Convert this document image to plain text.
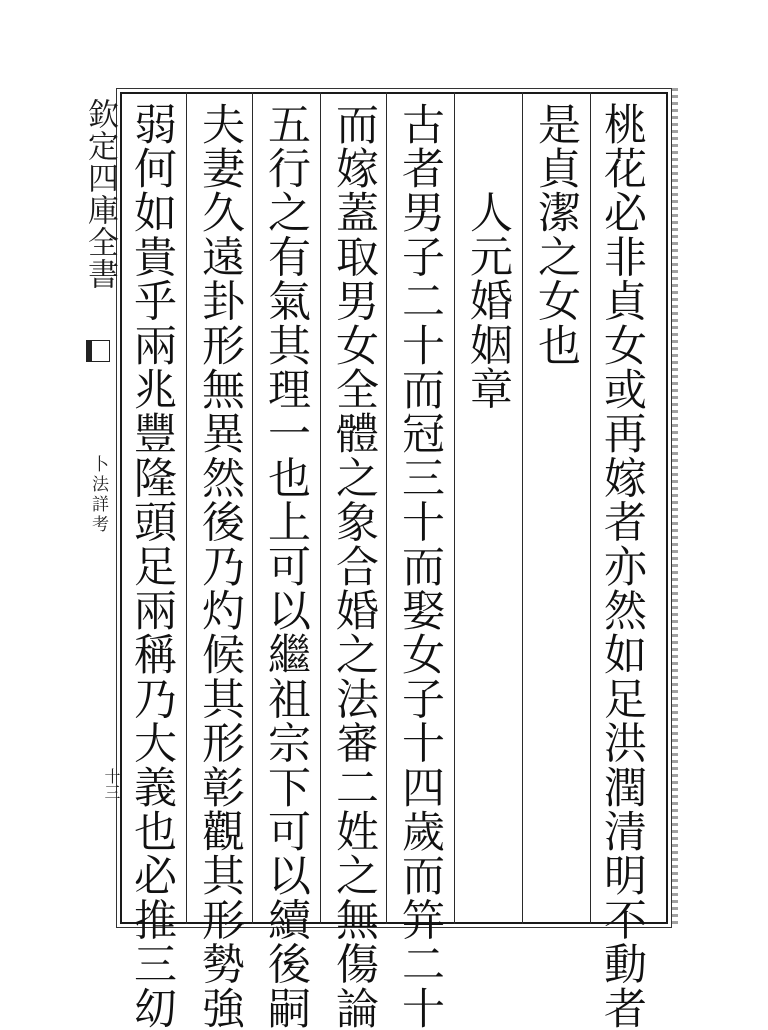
桃花必非貞女或再嫁者亦然如足洪潤清明不動者
是貞潔之女也
人元婚姻章
古者男子二十而冠三十而娶女子十四歲而笄二十
而嫁蓋取男女全體之象合婚之法審二姓之無傷論
五行之有氣其理一也上可以繼祖宗下可以續後嗣
夫妻久遠卦形無異然後乃灼候其形彰觀其形勢強
弱何如貴乎兩兆豐隆頭足兩稱乃大義也必推三㓜
欽定四庫全書
卜法詳考
十三
